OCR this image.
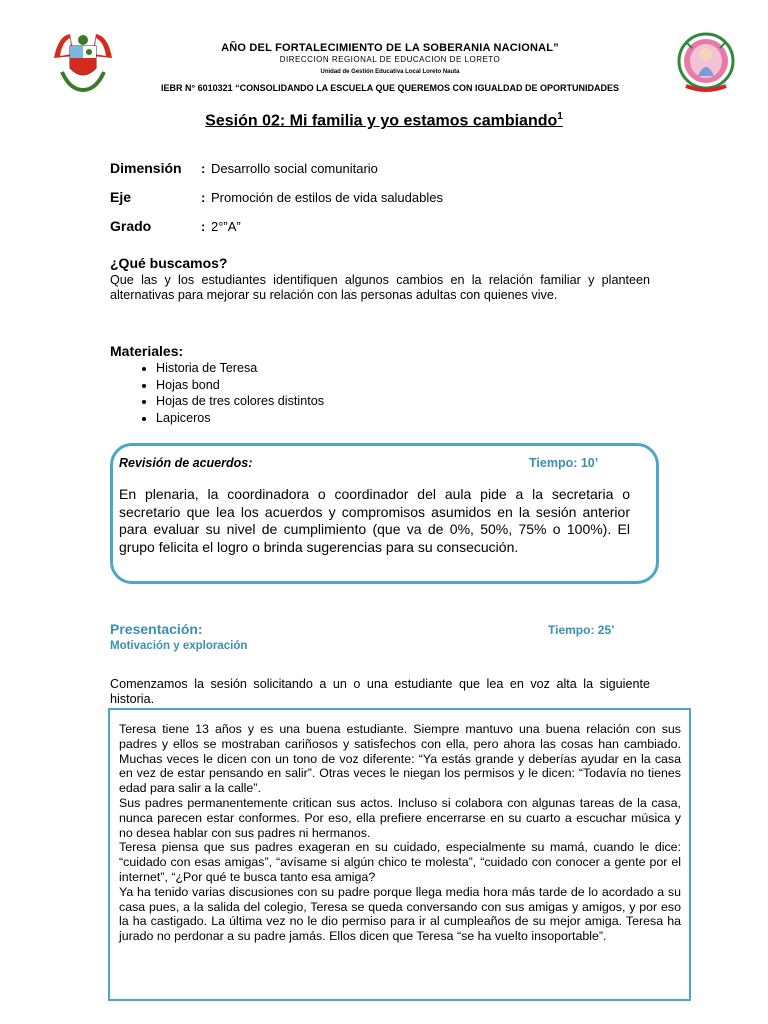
AÑO DEL FORTALECIMIENTO DE LA SOBERANIA NACIONAL”
DIRECCION REGIONAL DE EDUCACION DE LORETO
Unidad de Gestión Educativa Local Loreto Nauta
IEBR N° 6010321 “CONSOLIDANDO LA ESCUELA QUE QUEREMOS CON IGUALDAD DE OPORTUNIDADES
Sesión 02: Mi familia y yo estamos cambiando$^1$
Dimensión : Desarrollo social comunitario
Eje	: Promoción de estilos de vida saludables
Grado	: 2°”A”
¿Qué buscamos?
Que las y los estudiantes identifiquen algunos cambios en la relación familiar y planteen alternativas para mejorar su relación con las personas adultas con quienes vive.
Materiales:
• Historia de Teresa
• Hojas bond
• Hojas de tres colores distintos
• Lapiceros
Revisión de acuerdos:	Tiempo: 10’
En plenaria, la coordinadora o coordinador del aula pide a la secretaria o secretario que lea los acuerdos y compromisos asumidos en la sesión anterior para evaluar su nivel de cumplimiento (que va de 0%, 50%, 75% o 100%). El grupo felicita el logro o brinda sugerencias para su consecución.
Presentación:	Tiempo: 25’
Motivación y exploración
Comenzamos la sesión solicitando a un o una estudiante que lea en voz alta la siguiente historia.

Teresa tiene 13 años y es una buena estudiante. Siempre mantuvo una buena relación con sus padres y ellos se mostraban cariñosos y satisfechos con ella, pero ahora las cosas han cambiado. Muchas veces le dicen con un tono de voz diferente: “Ya estás grande y deberías ayudar en la casa en vez de estar pensando en salir”. Otras veces le niegan los permisos y le dicen: “Todavía no tienes edad para salir a la calle”.

Sus padres permanentemente critican sus actos. Incluso si colabora con algunas tareas de la casa, nunca parecen estar conformes. Por eso, ella prefiere encerrarse en su cuarto a escuchar música y no desea hablar con sus padres ni hermanos.

Teresa piensa que sus padres exageran en su cuidado, especialmente su mamá, cuando le dice: “cuidado con esas amigas”, “avísame si algún chico te molesta”, “cuidado con conocer a gente por el internet”, “¿Por qué te busca tanto esa amiga?

Ya ha tenido varias discusiones con su padre porque llega media hora más tarde de lo acordado a su casa pues, a la salida del colegio, Teresa se queda conversando con sus amigas y amigos, y por eso la ha castigado. La última vez no le dio permiso para ir al cumpleaños de su mejor amiga. Teresa ha jurado no perdonar a su padre jamás. Ellos dicen que Teresa “se ha vuelto insoportable”.
